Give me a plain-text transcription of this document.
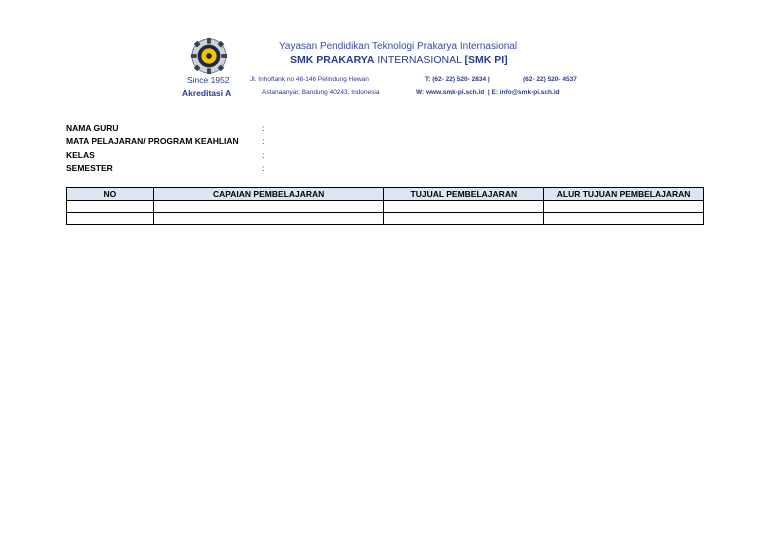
Since 1952
Akreditasi A
Yayasan Pendidikan Teknologi Prakarya Internasional
SMK PRAKARYA INTERNASIONAL [SMK PI]
Jl. Inhoftank no 46-146 Pelindung Hewan
Astanaanyar, Bandung 40243, Indonesia
T: (62- 22) 520- 2834 |	(62- 22) 520- 4537
W: www.smk-pi.sch.id  | E: info@smk-pi.sch.id
NAMA GURU	:
MATA PELAJARAN/ PROGRAM KEAHLIAN	:
KELAS	:
SEMESTER	:
NO	CAPAIAN PEMBELAJARAN	TUJUAL PEMBELAJARAN	ALUR TUJUAN PEMBELAJARAN
